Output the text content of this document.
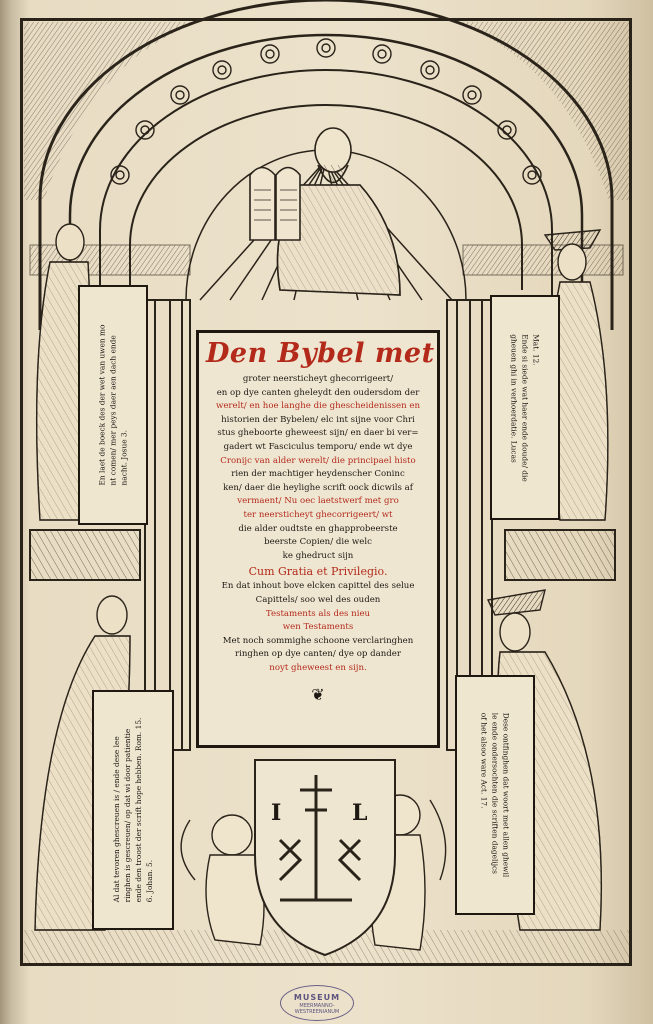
Den Bybel met
groter neersticheyt ghecorrigeert/
en op dye canten gheleydt den oudersdom der
werelt/ en hoe langhe die ghescheidenissen en
historien der Bybelen/ elc int sijne voor Chri
stus gheboorte gheweest sijn/ en daer bi ver=
gadert wt Fasciculus temporu/ ende wt dye
Cronijc van alder werelt/ die principael histo
rien der machtiger heydenscher Coninc
ken/ daer die heylighe scrift oock dicwils af
vermaent/ Nu oec laetstwerf met gro
ter neersticheyt ghecorrigeert/ wt
die alder oudtste en ghapprobeerste
beerste Copien/ die welc
ke ghedruct sijn
Cum Gratia et Privilegio.
En dat inhout bove elcken capittel des selue
Capittels/ soo wel des ouden
Testaments als des nieu
wen Testaments
Met noch sommighe schoone verclaringhen
ringhen op dye canten/ dye op dander
noyt gheweest en sijn.
❦
En laet de boeck des der wet van uwen mo nt comen/ mer peys daer aen dach ende nacht. Josue 3.
Mat. 12.
Ende si siede wat haer ende doude/ die
gheuen ghi in verhoerdatie. Lucas
Al dat tevoren ghescreuen is / ende dese lee ringhen is gescreuen/ op dat wi door patientie ende den troost der scrift hope hebben. Rom. 15. 6. Johan. 5.
Dese ontfinghen dat woort met allen ghewil
le ende ondersochten die scriften dagelijcs
of het alsoo ware Act. 17.
I	L
MUSEUM
MEERMANNO-WESTREENIANUM
